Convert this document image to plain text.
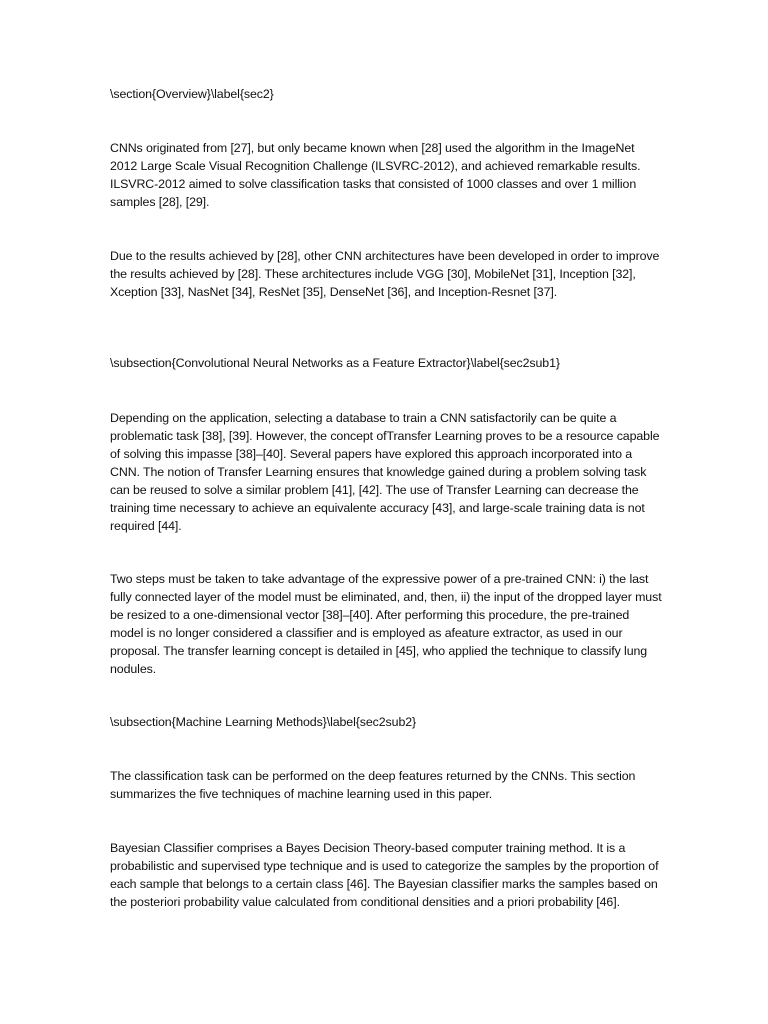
\section{Overview}\label{sec2}

CNNs originated from [27], but only became known when [28] used the algorithm in the ImageNet 2012 Large Scale Visual Recognition Challenge (ILSVRC-2012), and achieved remarkable results. ILSVRC-2012 aimed to solve classification tasks that consisted of 1000 classes and over 1 million samples [28], [29].

Due to the results achieved by [28], other CNN architectures have been developed in order to improve the results achieved by [28]. These architectures include VGG [30], MobileNet [31], Inception [32], Xception [33], NasNet [34], ResNet [35], DenseNet [36], and Inception-Resnet [37].

\subsection{Convolutional Neural Networks as a Feature Extractor}\label{sec2sub1}

Depending on the application, selecting a database to train a CNN satisfactorily can be quite a problematic task [38], [39]. However, the concept ofTransfer Learning proves to be a resource capable of solving this impasse [38]–[40]. Several papers have explored this approach incorporated into a CNN. The notion of Transfer Learning ensures that knowledge gained during a problem solving task can be reused to solve a similar problem [41], [42]. The use of Transfer Learning can decrease the training time necessary to achieve an equivalente accuracy [43], and large-scale training data is not required [44].

Two steps must be taken to take advantage of the expressive power of a pre-trained CNN: i) the last fully connected layer of the model must be eliminated, and, then, ii) the input of the dropped layer must be resized to a one-dimensional vector [38]–[40]. After performing this procedure, the pre-trained model is no longer considered a classifier and is employed as afeature extractor, as used in our proposal. The transfer learning concept is detailed in [45], who applied the technique to classify lung nodules.

\subsection{Machine Learning Methods}\label{sec2sub2}

The classification task can be performed on the deep features returned by the CNNs. This section summarizes the five techniques of machine learning used in this paper.

Bayesian Classifier comprises a Bayes Decision Theory-based computer training method. It is a probabilistic and supervised type technique and is used to categorize the samples by the proportion of each sample that belongs to a certain class [46]. The Bayesian classifier marks the samples based on the posteriori probability value calculated from conditional densities and a priori probability [46].
